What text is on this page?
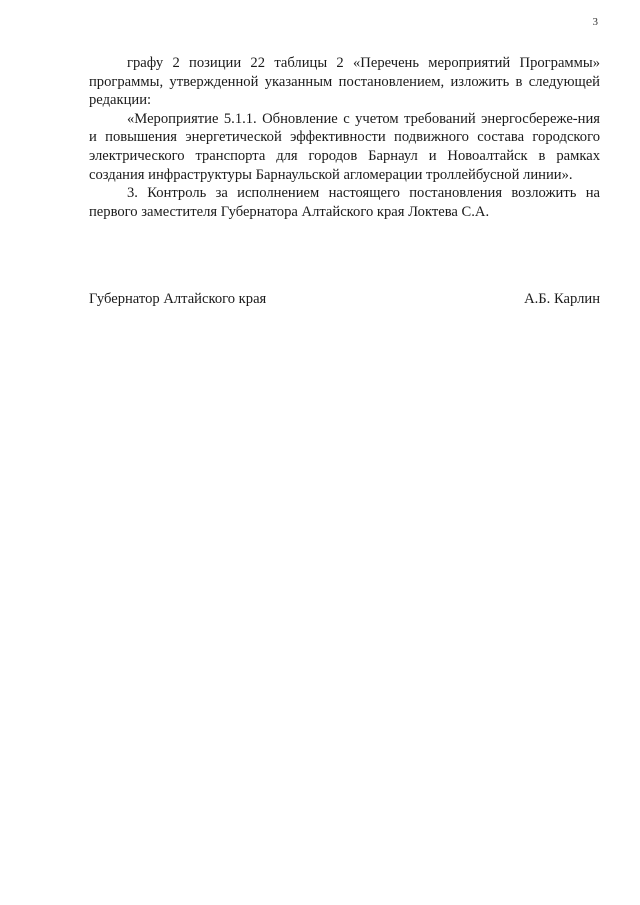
3

графу 2 позиции 22 таблицы 2 «Перечень мероприятий Программы» программы, утвержденной указанным постановлением, изложить в следующей редакции:

«Мероприятие 5.1.1. Обновление с учетом требований энергосбереже-ния и повышения энергетической эффективности подвижного состава городского электрического транспорта для городов Барнаул и Новоалтайск в рамках создания инфраструктуры Барнаульской агломерации троллейбусной линии».

3. Контроль за исполнением настоящего постановления возложить на первого заместителя Губернатора Алтайского края Локтева С.А.

Губернатор Алтайского края	А.Б. Карлин
